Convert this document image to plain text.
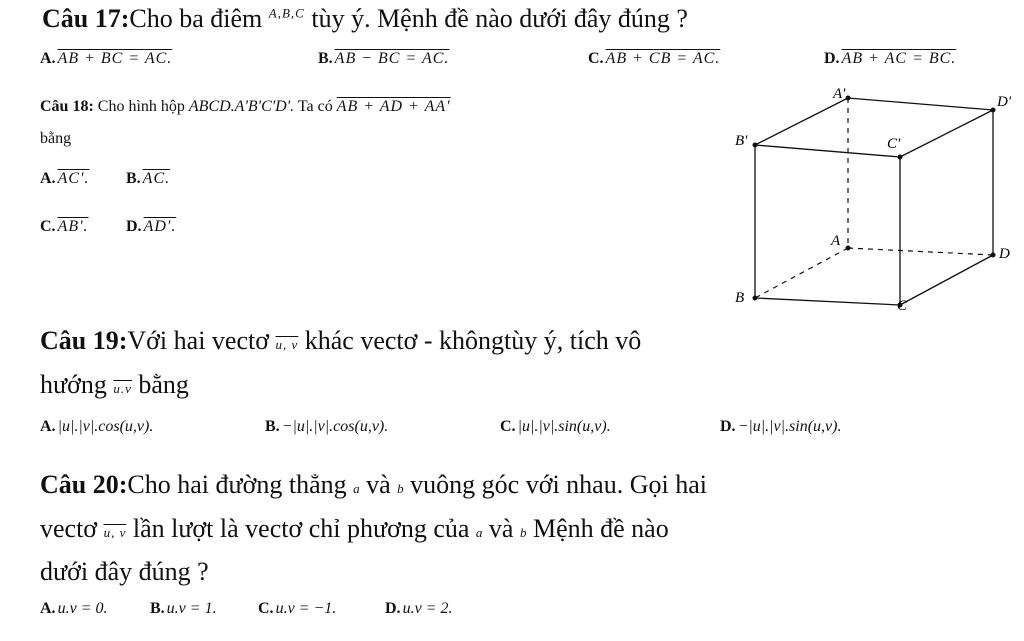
Câu 17:Cho ba điêm $^{A,B,C}$ tùy ý. Mệnh đề nào dưới đây đúng ?
A. AB + BC = AC.	B. AB − BC = AC.	C. AB + CB = AC.	D. AB + AC = BC.
Câu 18: Cho hình hộp ABCD.A'B'C'D'. Ta có AB + AD + AA'
bằng
A. AC'. B. AC.
C. AB'. D. AD'.
A'	D'
B'	C'
A
D
B	C
Câu 19:Với hai vectơ u, v khác vectơ - khôngtùy ý, tích vô
hướng u.v bằng
A. |u|.|v|.cos(u,v).	B. −|u|.|v|.cos(u,v).	C. |u|.|v|.sin(u,v).	D. −|u|.|v|.sin(u,v).
Câu 20:Cho hai đường thẳng a và b vuông góc với nhau. Gọi hai
vectơ u, v lần lượt là vectơ chỉ phương của a và b Mệnh đề nào
dưới đây đúng ?
A. u.v = 0.	B. u.v = 1.	C. u.v = −1.	D. u.v = 2.
